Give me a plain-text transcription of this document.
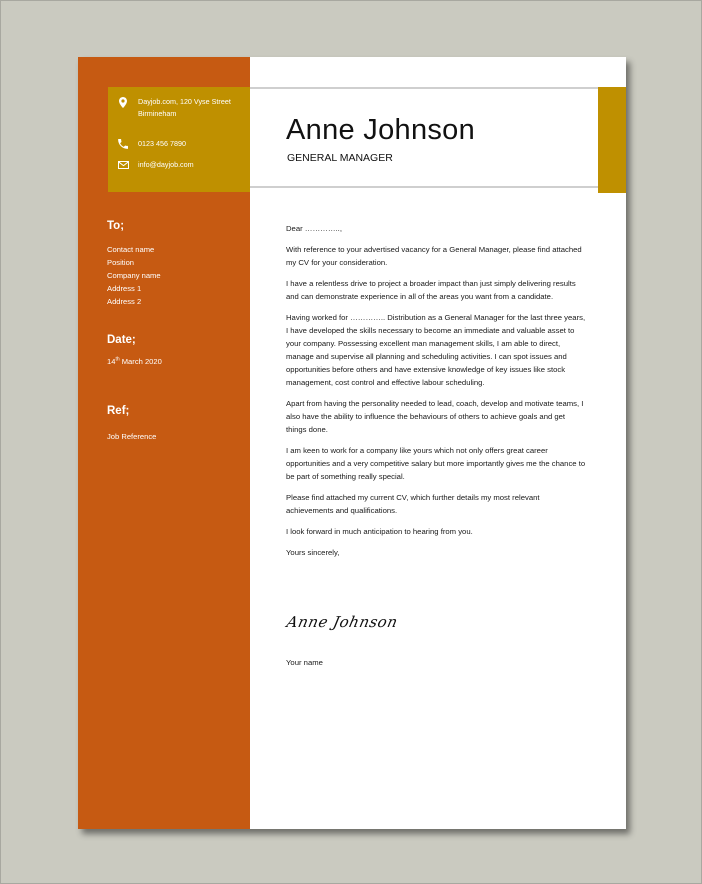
Dayjob.com, 120 Vyse Street Birmineham
0123 456 7890
info@dayjob.com
To;
Contact name
Position
Company name
Address 1
Address 2
Date;
14th March 2020
Ref;
Job Reference
Anne Johnson
GENERAL MANAGER

Dear …………..,

With reference to your advertised vacancy for a General Manager, please find attached my CV for your consideration.

I have a relentless drive to project a broader impact than just simply delivering results and can demonstrate experience in all of the areas you want from a candidate.

Having worked for ………….. Distribution as a General Manager for the last three years, I have developed the skills necessary to become an immediate and valuable asset to your company. Possessing excellent man management skills, I am able to direct, manage and supervise all planning and scheduling activities. I can spot issues and opportunities before others and have extensive knowledge of key issues like stock management, cost control and effective labour scheduling.

Apart from having the personality needed to lead, coach, develop and motivate teams, I also have the ability to influence the behaviours of others to achieve goals and get things done.

I am keen to work for a company like yours which not only offers great career opportunities and a very competitive salary but more importantly gives me the chance to be part of something really special.

Please find attached my current CV, which further details my most relevant achievements and qualifications.

I look forward in much anticipation to hearing from you.

Yours sincerely,

Anne Johnson
Your name
